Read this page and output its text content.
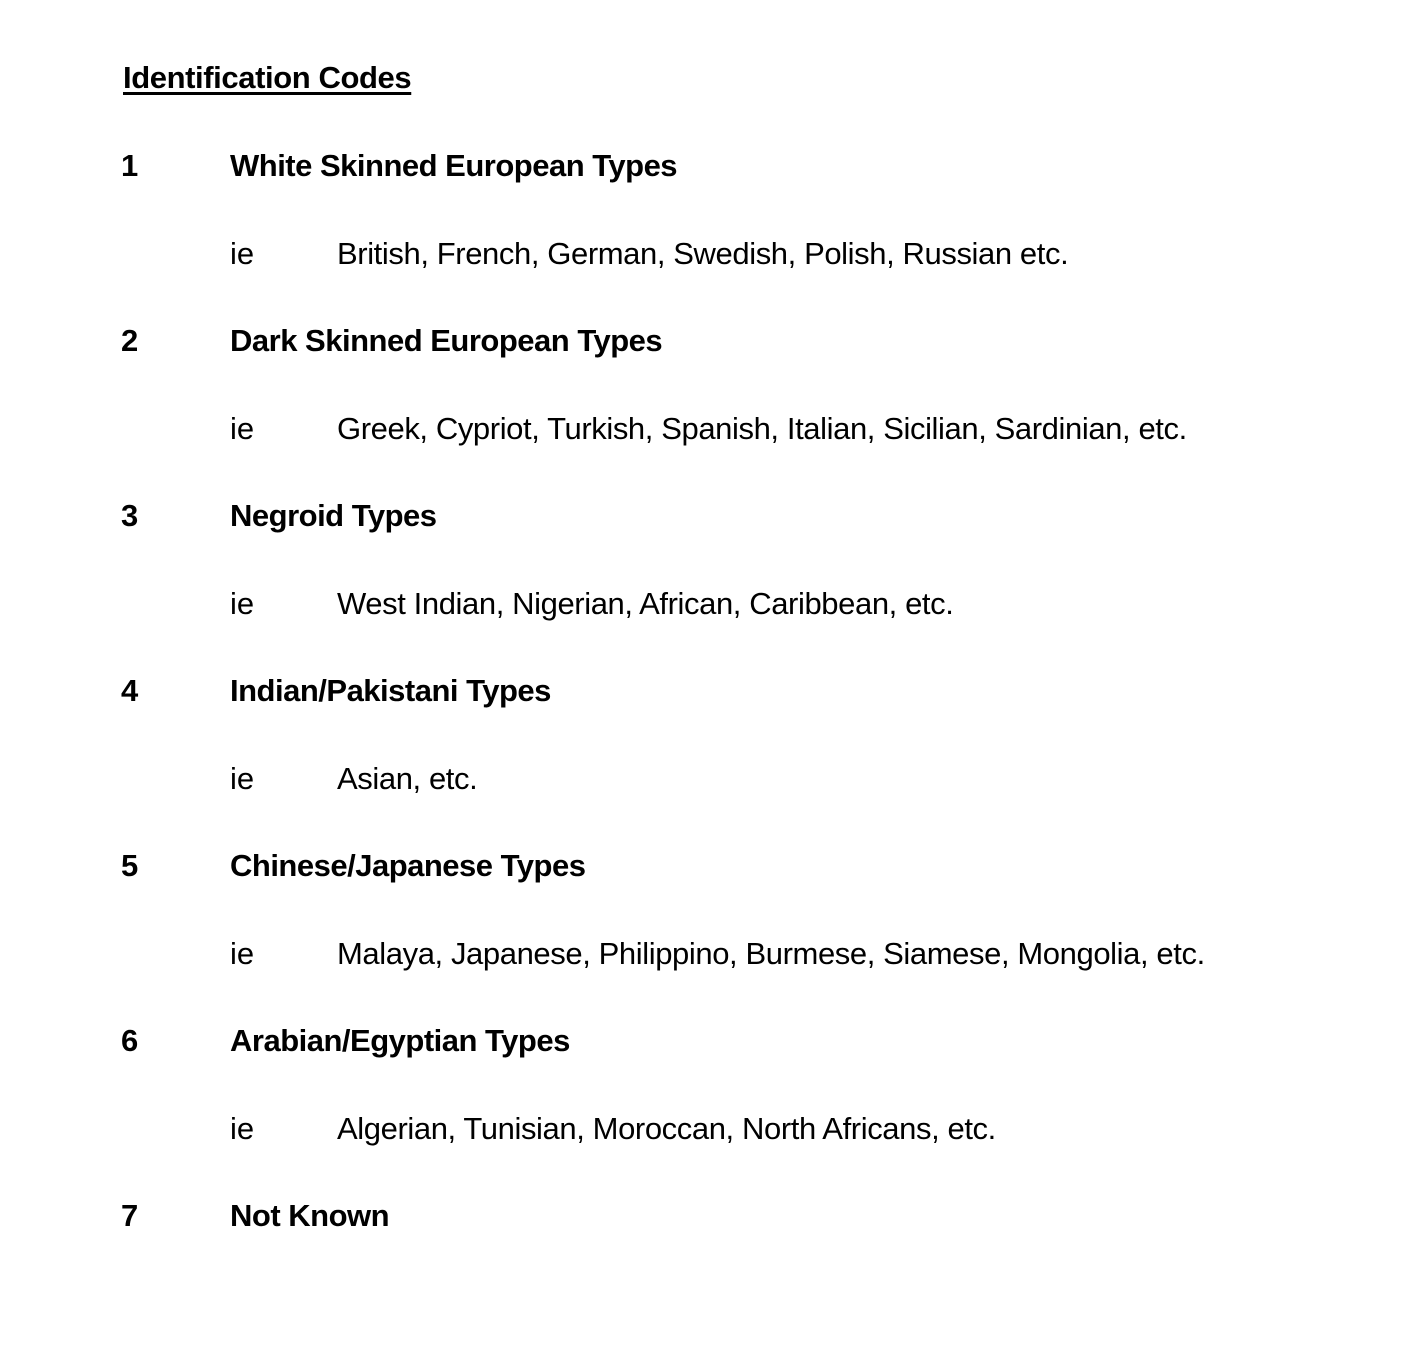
Identification Codes
1	White Skinned European Types
ie	British, French, German, Swedish, Polish, Russian etc.
2	Dark Skinned European Types
ie	Greek, Cypriot, Turkish, Spanish, Italian, Sicilian, Sardinian, etc.
3	Negroid Types
ie	West Indian, Nigerian, African, Caribbean, etc.
4	Indian/Pakistani Types
ie	Asian, etc.
5	Chinese/Japanese Types
ie	Malaya, Japanese, Philippino, Burmese, Siamese, Mongolia, etc.
6	Arabian/Egyptian Types
ie	Algerian, Tunisian, Moroccan, North Africans, etc.
7	Not Known
